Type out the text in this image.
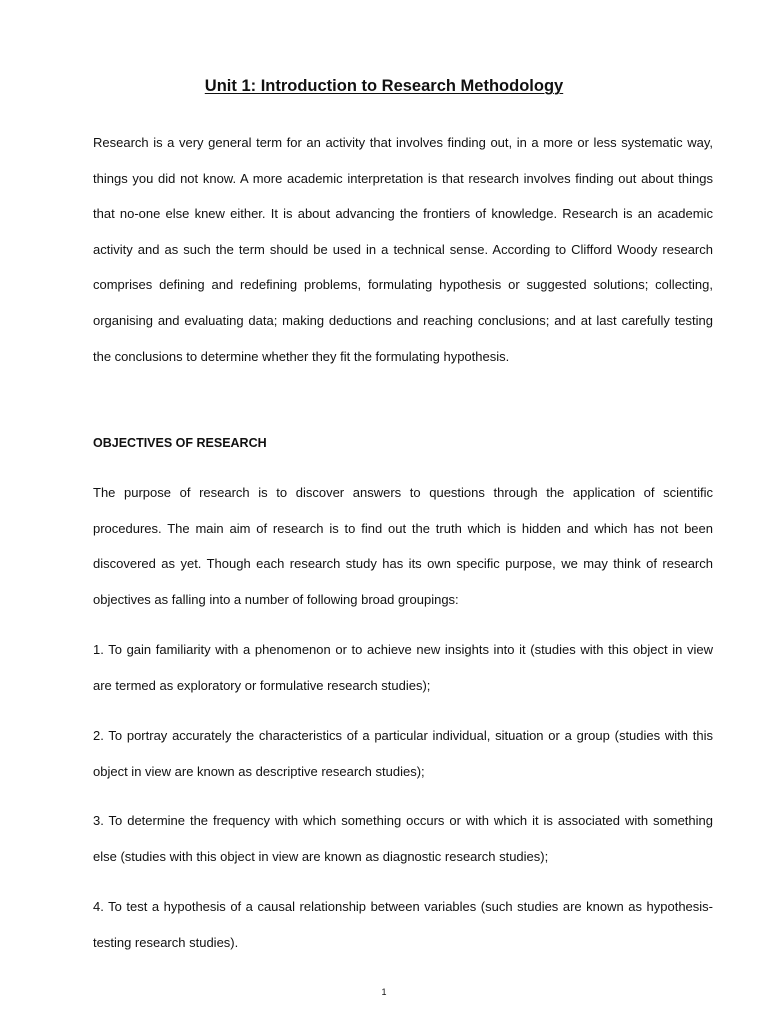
Unit 1: Introduction to Research Methodology

Research is a very general term for an activity that involves finding out, in a more or less systematic way, things you did not know. A more academic interpretation is that research involves finding out about things that no-one else knew either. It is about advancing the frontiers of knowledge. Research is an academic activity and as such the term should be used in a technical sense. According to Clifford Woody research comprises defining and redefining problems, formulating hypothesis or suggested solutions; collecting, organising and evaluating data; making deductions and reaching conclusions; and at last carefully testing the conclusions to determine whether they fit the formulating hypothesis.

OBJECTIVES OF RESEARCH

The purpose of research is to discover answers to questions through the application of scientific procedures. The main aim of research is to find out the truth which is hidden and which has not been discovered as yet. Though each research study has its own specific purpose, we may think of research objectives as falling into a number of following broad groupings:

1. To gain familiarity with a phenomenon or to achieve new insights into it (studies with this object in view are termed as exploratory or formulative research studies);

2. To portray accurately the characteristics of a particular individual, situation or a group (studies with this object in view are known as descriptive research studies);

3. To determine the frequency with which something occurs or with which it is associated with something else (studies with this object in view are known as diagnostic research studies);

4. To test a hypothesis of a causal relationship between variables (such studies are known as hypothesis-testing research studies).

1
